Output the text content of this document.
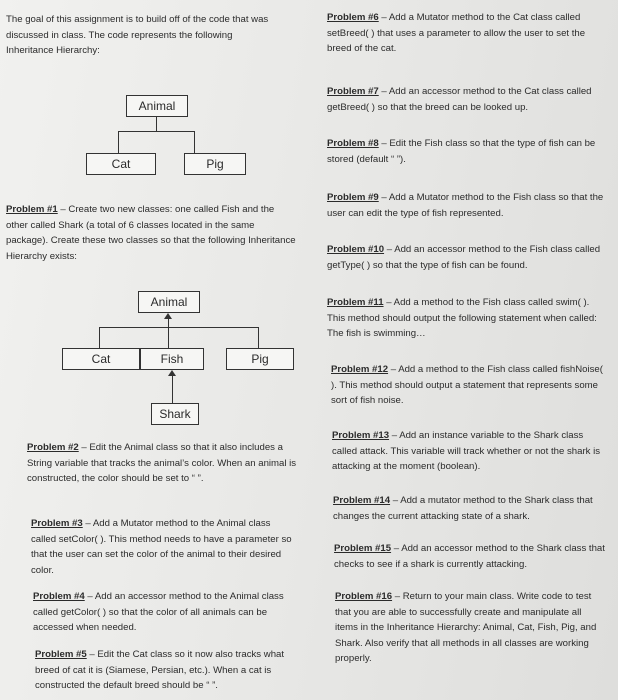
The goal of this assignment is to build off of the code that was discussed in class. The code represents the following Inheritance Hierarchy:

Animal
Cat	Pig

Problem #1 – Create two new classes: one called Fish and the other called Shark (a total of 6 classes located in the same package). Create these two classes so that the following Inheritance Hierarchy exists:

Animal
Cat	Fish	Pig
Shark

Problem #2 – Edit the Animal class so that it also includes a String variable that tracks the animal’s color. When an animal is constructed, the color should be set to “ ”.

Problem #3 – Add a Mutator method to the Animal class called setColor( ). This method needs to have a parameter so that the user can set the color of the animal to their desired color.

Problem #4 – Add an accessor method to the Animal class called getColor( ) so that the color of all animals can be accessed when needed.

Problem #5 – Edit the Cat class so it now also tracks what breed of cat it is (Siamese, Persian, etc.). When a cat is constructed the default breed should be “ ”.

Problem #6 – Add a Mutator method to the Cat class called setBreed( ) that uses a parameter to allow the user to set the breed of the cat.

Problem #7 – Add an accessor method to the Cat class called getBreed( ) so that the breed can be looked up.

Problem #8 – Edit the Fish class so that the type of fish can be stored (default “ ”).

Problem #9 – Add a Mutator method to the Fish class so that the user can edit the type of fish represented.

Problem #10 – Add an accessor method to the Fish class called getType( ) so that the type of fish can be found.

Problem #11 – Add a method to the Fish class called swim( ). This method should output the following statement when called: The fish is swimming…

Problem #12 – Add a method to the Fish class called fishNoise( ). This method should output a statement that represents some sort of fish noise.

Problem #13 – Add an instance variable to the Shark class called attack. This variable will track whether or not the shark is attacking at the moment (boolean).

Problem #14 – Add a mutator method to the Shark class that changes the current attacking state of a shark.

Problem #15 – Add an accessor method to the Shark class that checks to see if a shark is currently attacking.

Problem #16 – Return to your main class. Write code to test that you are able to successfully create and manipulate all items in the Inheritance Hierarchy: Animal, Cat, Fish, Pig, and Shark. Also verify that all methods in all classes are working properly.
